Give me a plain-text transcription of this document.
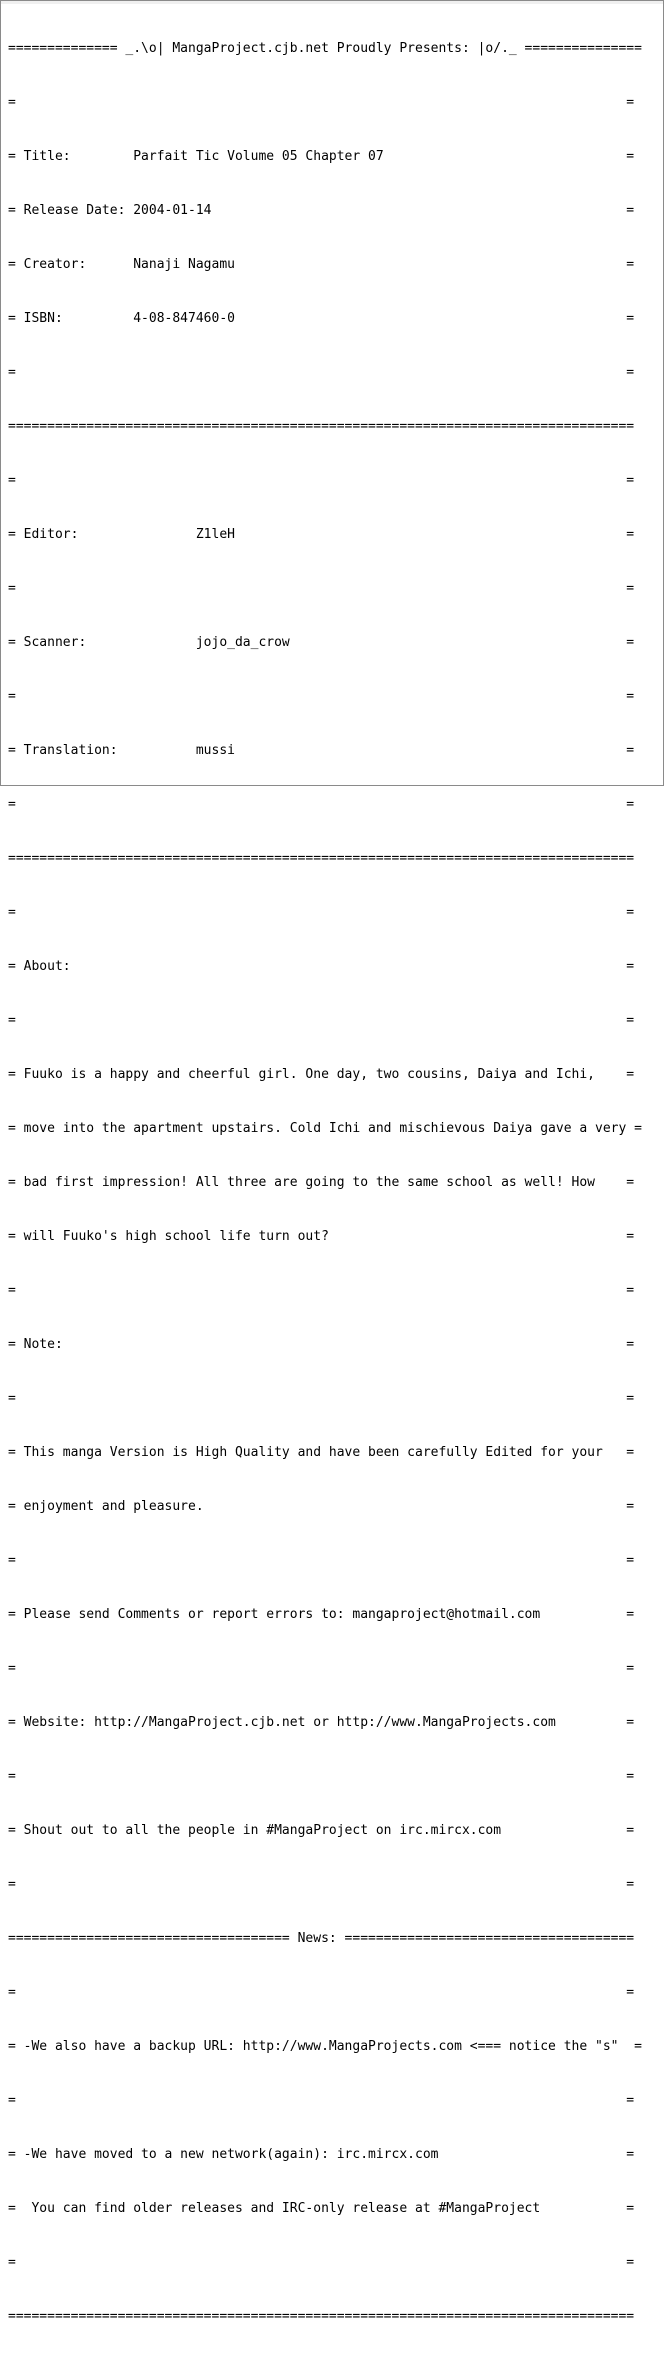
============== _.\o| MangaProject.cjb.net Proudly Presents: |o/._ ===============

=                                                                              =

= Title:        Parfait Tic Volume 05 Chapter 07                               =

= Release Date: 2004-01-14                                                     =

= Creator:      Nanaji Nagamu                                                  =

= ISBN:         4-08-847460-0                                                  =

=                                                                              =

================================================================================

=                                                                              =

= Editor:               Z1leH                                                  =

=                                                                              =

= Scanner:              jojo_da_crow                                           =

=                                                                              =

= Translation:          mussi                                                  =

=                                                                              =

================================================================================

=                                                                              =

= About:                                                                       =

=                                                                              =

= Fuuko is a happy and cheerful girl. One day, two cousins, Daiya and Ichi,    =

= move into the apartment upstairs. Cold Ichi and mischievous Daiya gave a very =

= bad first impression! All three are going to the same school as well! How    =

= will Fuuko's high school life turn out?                                      =

=                                                                              =

= Note:                                                                        =

=                                                                              =

= This manga Version is High Quality and have been carefully Edited for your   =

= enjoyment and pleasure.                                                      =

=                                                                              =

= Please send Comments or report errors to: mangaproject@hotmail.com           =

=                                                                              =

= Website: http://MangaProject.cjb.net or http://www.MangaProjects.com         =

=                                                                              =

= Shout out to all the people in #MangaProject on irc.mircx.com                =

=                                                                              =

==================================== News: =====================================

=                                                                              =

= -We also have a backup URL: http://www.MangaProjects.com <=== notice the "s"  =

=                                                                              =

= -We have moved to a new network(again): irc.mircx.com                        =

=  You can find older releases and IRC-only release at #MangaProject           =

=                                                                              =

================================================================================
